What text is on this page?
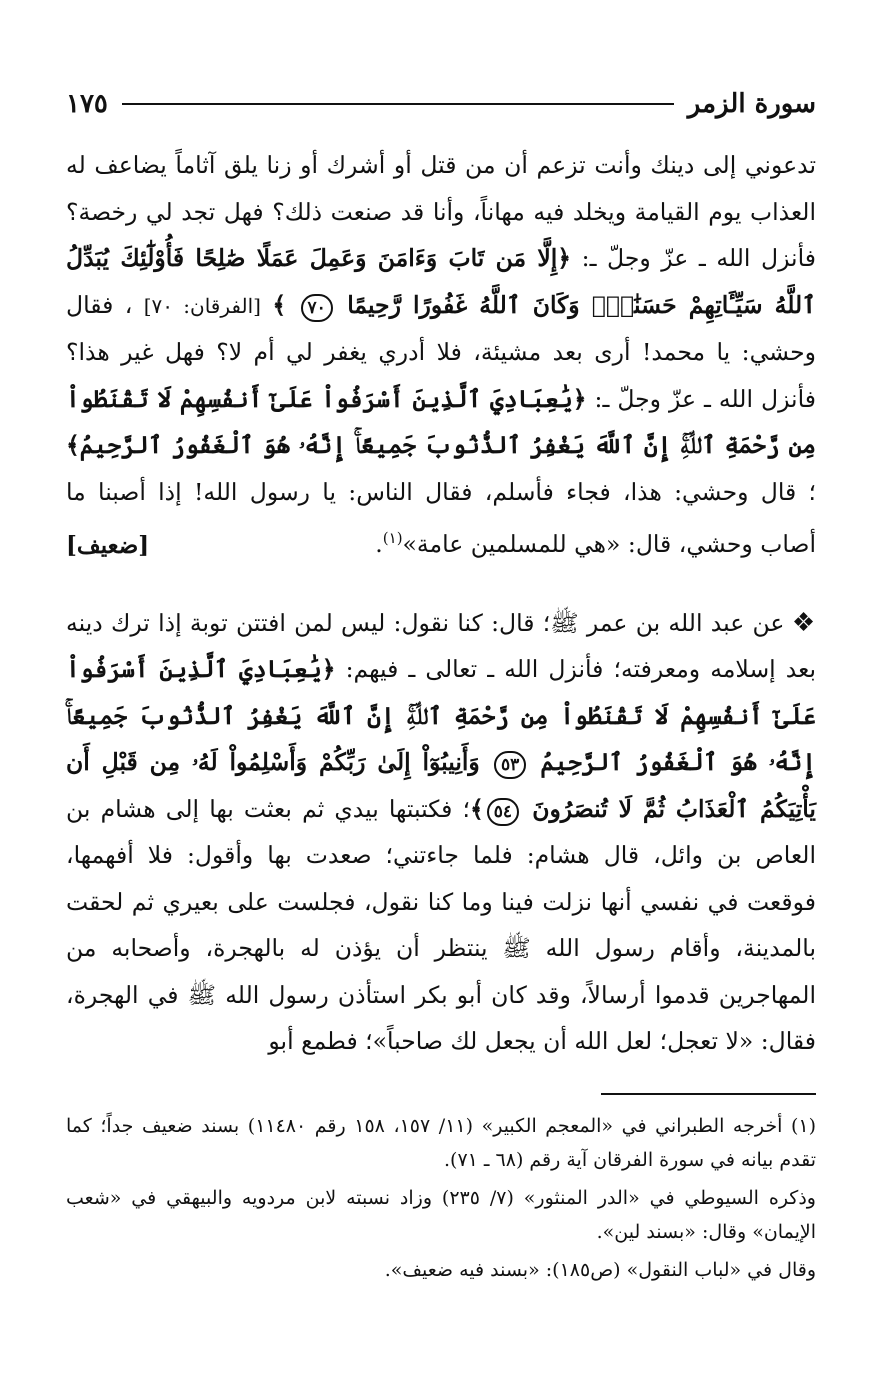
سورة الزمر
١٧٥

تدعوني إلى دينك وأنت تزعم أن من قتل أو أشرك أو زنا يلق آثاماً يضاعف له العذاب يوم القيامة ويخلد فيه مهاناً، وأنا قد صنعت ذلك؟ فهل تجد لي رخصة؟ فأنزل الله ـ عزّ وجلّ ـ: ﴿إِلَّا مَن تَابَ وَءَامَنَ وَعَمِلَ عَمَلًا صَٰلِحًا فَأُوْلَٰٓئِكَ يُبَدِّلُ ٱللَّهُ سَيِّـَٔاتِهِمْ حَسَنَٰتٍۗ وَكَانَ ٱللَّهُ غَفُورًا رَّحِيمًا ٧٠ ﴾ [الفرقان: ٧٠] ، فقال وحشي: يا محمد! أرى بعد مشيئة، فلا أدري يغفر لي أم لا؟ فهل غير هذا؟ فأنزل الله ـ عزّ وجلّ ـ: ﴿يَٰعِبَادِيَ ٱلَّذِينَ أَسْرَفُواْ عَلَىٰٓ أَنفُسِهِمْ لَا تَقْنَطُواْ مِن رَّحْمَةِ ٱللَّهِۚ إِنَّ ٱللَّهَ يَغْفِرُ ٱلذُّنُوبَ جَمِيعًاۚ إِنَّهُۥ هُوَ ٱلْغَفُورُ ٱلرَّحِيمُ﴾ ؛ قال وحشي: هذا، فجاء فأسلم، فقال الناس: يا رسول الله! إذا أصبنا ما أصاب وحشي، قال: «هي للمسلمين عامة»$^{(١)}$.
[ضعيف]

❖ عن عبد الله بن عمر ﷺ؛ قال: كنا نقول: ليس لمن افتتن توبة إذا ترك دينه بعد إسلامه ومعرفته؛ فأنزل الله ـ تعالى ـ فيهم: ﴿يَٰعِبَادِيَ ٱلَّذِينَ أَسْرَفُواْ عَلَىٰٓ أَنفُسِهِمْ لَا تَقْنَطُواْ مِن رَّحْمَةِ ٱللَّهِۚ إِنَّ ٱللَّهَ يَغْفِرُ ٱلذُّنُوبَ جَمِيعًاۚ إِنَّهُۥ هُوَ ٱلْغَفُورُ ٱلرَّحِيمُ ٥٣ وَأَنِيبُوٓاْ إِلَىٰ رَبِّكُمْ وَأَسْلِمُواْ لَهُۥ مِن قَبْلِ أَن يَأْتِيَكُمُ ٱلْعَذَابُ ثُمَّ لَا تُنصَرُونَ ٥٤﴾؛ فكتبتها بيدي ثم بعثت بها إلى هشام بن العاص بن وائل، قال هشام: فلما جاءتني؛ صعدت بها وأقول: فلا أفهمها، فوقعت في نفسي أنها نزلت فينا وما كنا نقول، فجلست على بعيري ثم لحقت بالمدينة، وأقام رسول الله ﷺ ينتظر أن يؤذن له بالهجرة، وأصحابه من المهاجرين قدموا أرسالاً، وقد كان أبو بكر استأذن رسول الله ﷺ في الهجرة، فقال: «لا تعجل؛ لعل الله أن يجعل لك صاحباً»؛ فطمع أبو

(١) أخرجه الطبراني في «المعجم الكبير» (١١/ ١٥٧، ١٥٨ رقم ١١٤٨٠) بسند ضعيف جداً؛ كما تقدم بيانه في سورة الفرقان آية رقم (٦٨ ـ ٧١).

وذكره السيوطي في «الدر المنثور» (٧/ ٢٣٥) وزاد نسبته لابن مردويه والبيهقي في «شعب الإيمان» وقال: «بسند لين».

وقال في «لباب النقول» (ص١٨٥): «بسند فيه ضعيف».
